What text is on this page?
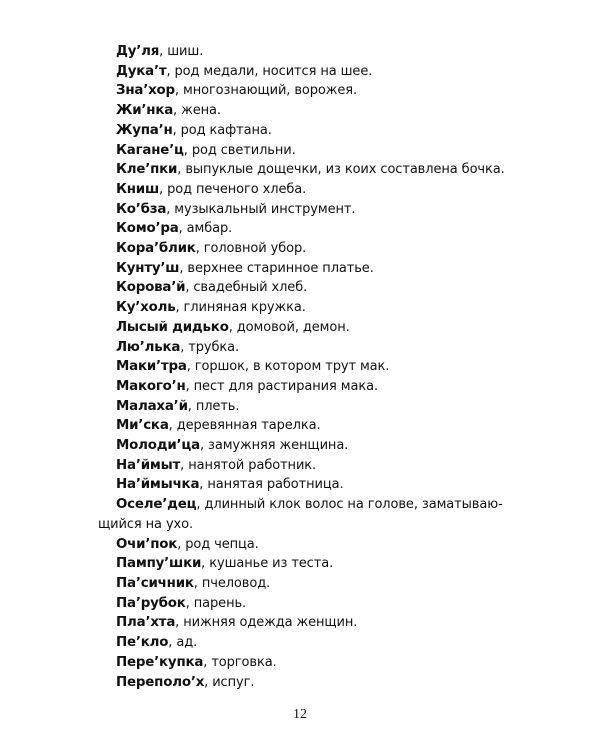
Ду’ля, шиш.
Дука’т, род медали, носится на шее.
Зна’хор, многознающий, ворожея.
Жи’нка, жена.
Жупа’н, род кафтана.
Кагане’ц, род светильни.
Кле’пки, выпуклые дощечки, из коих составлена бочка.
Книш, род печеного хлеба.
Ко’бза, музыкальный инструмент.
Комо’ра, амбар.
Кора’блик, головной убор.
Кунту’ш, верхнее старинное платье.
Корова’й, свадебный хлеб.
Ку’холь, глиняная кружка.
Лысый дидько, домовой, демон.
Лю’лька, трубка.
Маки’тра, горшок, в котором трут мак.
Макого’н, пест для растирания мака.
Малаха’й, плеть.
Ми’ска, деревянная тарелка.
Молоди’ца, замужняя женщина.
На’ймыт, нанятой работник.
На’ймычка, нанятая работница.
Оселе’дец, длинный клок волос на голове, заматывающийся на ухо.
Очи’пок, род чепца.
Пампу’шки, кушанье из теста.
Па’сичник, пчеловод.
Па’рубок, парень.
Пла’хта, нижняя одежда женщин.
Пе’кло, ад.
Пере’купка, торговка.
Переполо’х, испуг.
12
